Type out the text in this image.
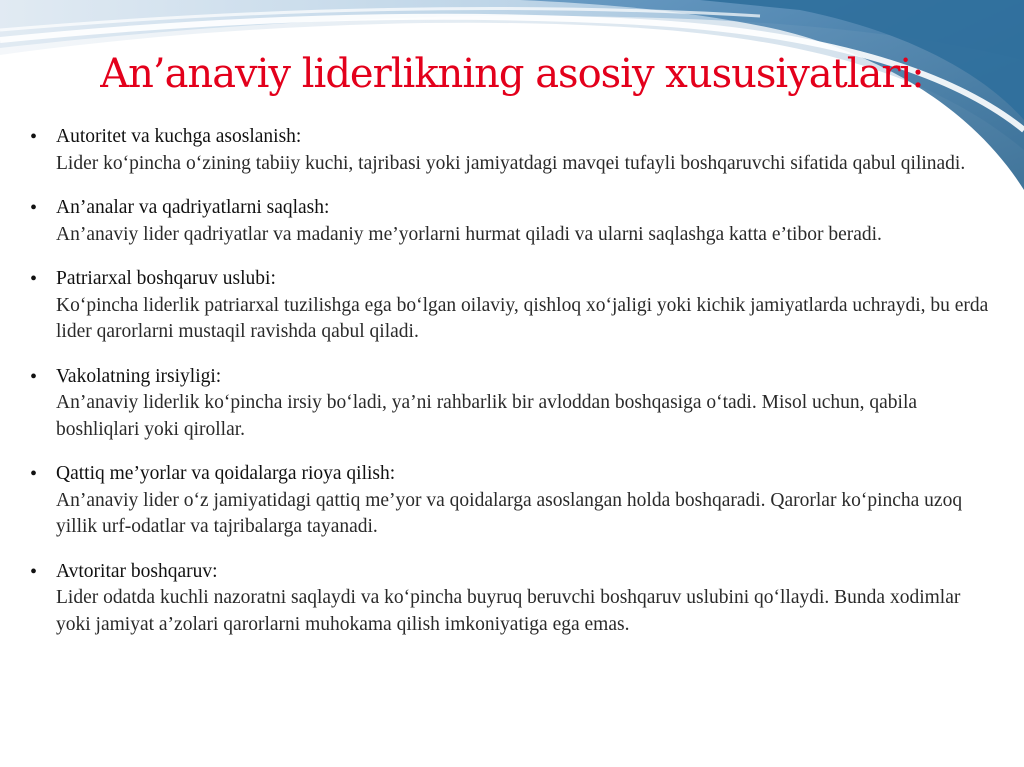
An’anaviy liderlikning asosiy xususiyatlari:
• Autoritet va kuchga asoslanish:
Lider ko‘pincha o‘zining tabiiy kuchi, tajribasi yoki jamiyatdagi mavqei tufayli boshqaruvchi sifatida qabul qilinadi.
• An’analar va qadriyatlarni saqlash:
An’anaviy lider qadriyatlar va madaniy me’yorlarni hurmat qiladi va ularni saqlashga katta e’tibor beradi.
• Patriarxal boshqaruv uslubi:
Ko‘pincha liderlik patriarxal tuzilishga ega bo‘lgan oilaviy, qishloq xo‘jaligi yoki kichik jamiyatlarda uchraydi, bu erda lider qarorlarni mustaqil ravishda qabul qiladi.
• Vakolatning irsiyligi:
An’anaviy liderlik ko‘pincha irsiy bo‘ladi, ya’ni rahbarlik bir avloddan boshqasiga o‘tadi. Misol uchun, qabila boshliqlari yoki qirollar.
• Qattiq me’yorlar va qoidalarga rioya qilish:
An’anaviy lider o‘z jamiyatidagi qattiq me’yor va qoidalarga asoslangan holda boshqaradi. Qarorlar ko‘pincha uzoq yillik urf-odatlar va tajribalarga tayanadi.
• Avtoritar boshqaruv:
Lider odatda kuchli nazoratni saqlaydi va ko‘pincha buyruq beruvchi boshqaruv uslubini qo‘llaydi. Bunda xodimlar yoki jamiyat a’zolari qarorlarni muhokama qilish imkoniyatiga ega emas.
